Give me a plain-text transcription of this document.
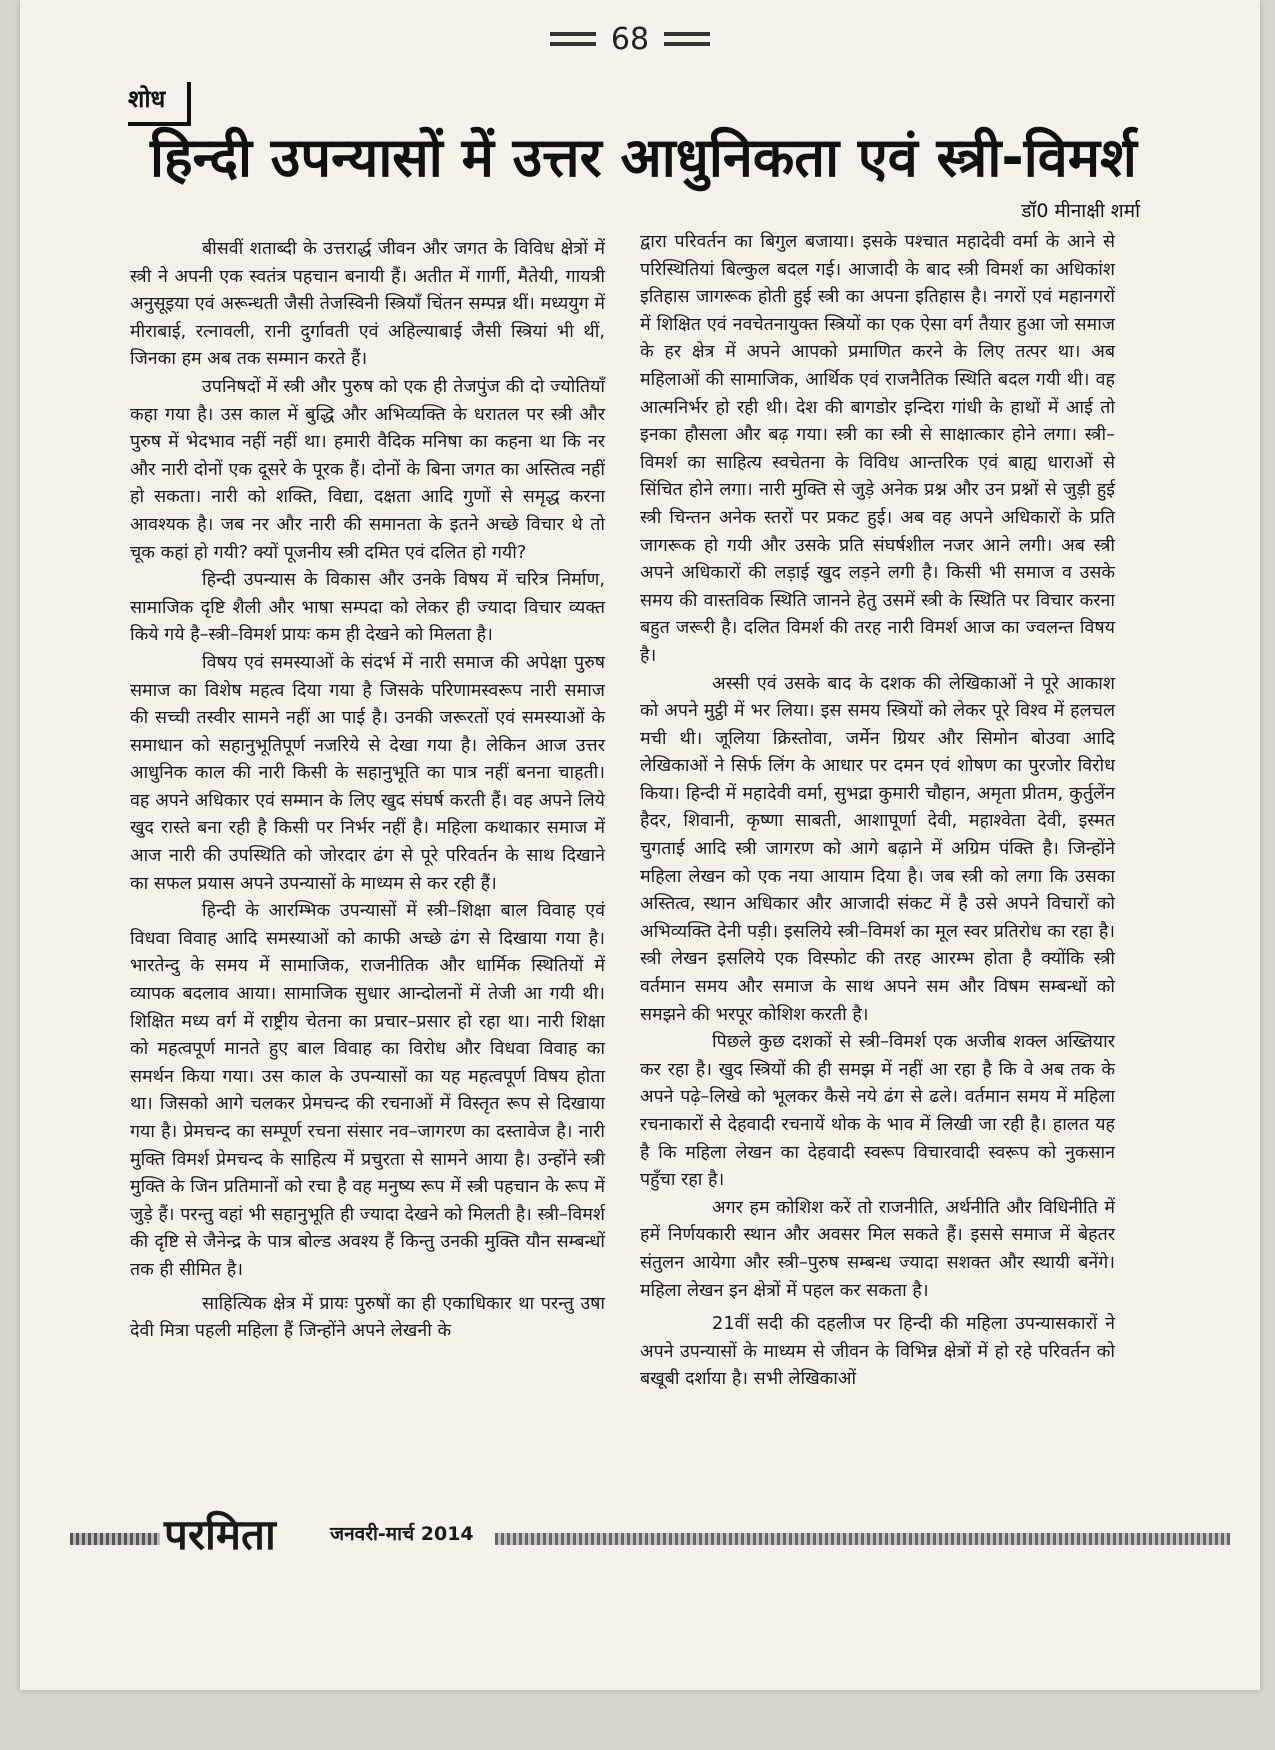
68
शोध
हिन्दी उपन्यासों में उत्तर आधुनिकता एवं स्त्री-विमर्श
डॉ0 मीनाक्षी शर्मा

बीसवीं शताब्दी के उत्तरार्द्ध जीवन और जगत के विविध क्षेत्रों में स्त्री ने अपनी एक स्वतंत्र पहचान बनायी हैं। अतीत में गार्गी, मैतेयी, गायत्री अनुसूइया एवं अरून्धती जैसी तेजस्विनी स्त्रियाँ चिंतन सम्पन्न थीं। मध्ययुग में मीराबाई, रत्नावली, रानी दुर्गावती एवं अहिल्याबाई जैसी स्त्रियां भी थीं, जिनका हम अब तक सम्मान करते हैं।

उपनिषदों में स्त्री और पुरुष को एक ही तेजपुंज की दो ज्योतियाँ कहा गया है। उस काल में बुद्धि और अभिव्यक्ति के धरातल पर स्त्री और पुरुष में भेदभाव नहीं नहीं था। हमारी वैदिक मनिषा का कहना था कि नर और नारी दोनों एक दूसरे के पूरक हैं। दोनों के बिना जगत का अस्तित्व नहीं हो सकता। नारी को शक्ति, विद्या, दक्षता आदि गुणों से समृद्ध करना आवश्यक है। जब नर और नारी की समानता के इतने अच्छे विचार थे तो चूक कहां हो गयी? क्यों पूजनीय स्त्री दमित एवं दलित हो गयी?

हिन्दी उपन्यास के विकास और उनके विषय में चरित्र निर्माण, सामाजिक दृष्टि शैली और भाषा सम्पदा को लेकर ही ज्यादा विचार व्यक्त किये गये है–स्त्री–विमर्श प्रायः कम ही देखने को मिलता है।

विषय एवं समस्याओं के संदर्भ में नारी समाज की अपेक्षा पुरुष समाज का विशेष महत्व दिया गया है जिसके परिणामस्वरूप नारी समाज की सच्ची तस्वीर सामने नहीं आ पाई है। उनकी जरूरतों एवं समस्याओं के समाधान को सहानुभूतिपूर्ण नजरिये से देखा गया है। लेकिन आज उत्तर आधुनिक काल की नारी किसी के सहानुभूति का पात्र नहीं बनना चाहती। वह अपने अधिकार एवं सम्मान के लिए खुद संघर्ष करती हैं। वह अपने लिये खुद रास्ते बना रही है किसी पर निर्भर नहीं है। महिला कथाकार समाज में आज नारी की उपस्थिति को जोरदार ढंग से पूरे परिवर्तन के साथ दिखाने का सफल प्रयास अपने उपन्यासों के माध्यम से कर रही हैं।

हिन्दी के आरम्भिक उपन्यासों में स्त्री–शिक्षा बाल विवाह एवं विधवा विवाह आदि समस्याओं को काफी अच्छे ढंग से दिखाया गया है। भारतेन्दु के समय में सामाजिक, राजनीतिक और धार्मिक स्थितियों में व्यापक बदलाव आया। सामाजिक सुधार आन्दोलनों में तेजी आ गयी थी। शिक्षित मध्य वर्ग में राष्ट्रीय चेतना का प्रचार–प्रसार हो रहा था। नारी शिक्षा को महत्वपूर्ण मानते हुए बाल विवाह का विरोध और विधवा विवाह का समर्थन किया गया। उस काल के उपन्यासों का यह महत्वपूर्ण विषय होता था। जिसको आगे चलकर प्रेमचन्द की रचनाओं में विस्तृत रूप से दिखाया गया है। प्रेमचन्द का सम्पूर्ण रचना संसार नव–जागरण का दस्तावेज है। नारी मुक्ति विमर्श प्रेमचन्द के साहित्य में प्रचुरता से सामने आया है। उन्होंने स्त्री मुक्ति के जिन प्रतिमानों को रचा है वह मनुष्य रूप में स्त्री पहचान के रूप में जुड़े हैं। परन्तु वहां भी सहानुभूति ही ज्यादा देखने को मिलती है। स्त्री–विमर्श की दृष्टि से जैनेन्द्र के पात्र बोल्ड अवश्य हैं किन्तु उनकी मुक्ति यौन सम्बन्धों तक ही सीमित है।

साहित्यिक क्षेत्र में प्रायः पुरुषों का ही एकाधिकार था परन्तु उषा देवी मित्रा पहली महिला हैं जिन्होंने अपने लेखनी के

द्वारा परिवर्तन का बिगुल बजाया। इसके पश्चात महादेवी वर्मा के आने से परिस्थितियां बिल्कुल बदल गई। आजादी के बाद स्त्री विमर्श का अधिकांश इतिहास जागरूक होती हुई स्त्री का अपना इतिहास है। नगरों एवं महानगरों में शिक्षित एवं नवचेतनायुक्त स्त्रियों का एक ऐसा वर्ग तैयार हुआ जो समाज के हर क्षेत्र में अपने आपको प्रमाणित करने के लिए तत्पर था। अब महिलाओं की सामाजिक, आर्थिक एवं राजनैतिक स्थिति बदल गयी थी। वह आत्मनिर्भर हो रही थी। देश की बागडोर इन्दिरा गांधी के हाथों में आई तो इनका हौसला और बढ़ गया। स्त्री का स्त्री से साक्षात्कार होने लगा। स्त्री–विमर्श का साहित्य स्वचेतना के विविध आन्तरिक एवं बाह्य धाराओं से सिंचित होने लगा। नारी मुक्ति से जुड़े अनेक प्रश्न और उन प्रश्नों से जुड़ी हुई स्त्री चिन्तन अनेक स्तरों पर प्रकट हुई। अब वह अपने अधिकारों के प्रति जागरूक हो गयी और उसके प्रति संघर्षशील नजर आने लगी। अब स्त्री अपने अधिकारों की लड़ाई खुद लड़ने लगी है। किसी भी समाज व उसके समय की वास्तविक स्थिति जानने हेतु उसमें स्त्री के स्थिति पर विचार करना बहुत जरूरी है। दलित विमर्श की तरह नारी विमर्श आज का ज्वलन्त विषय है।

अस्सी एवं उसके बाद के दशक की लेखिकाओं ने पूरे आकाश को अपने मुट्ठी में भर लिया। इस समय स्त्रियों को लेकर पूरे विश्व में हलचल मची थी। जूलिया क्रिस्तोवा, जर्मेन ग्रियर और सिमोन बोउवा आदि लेखिकाओं ने सिर्फ लिंग के आधार पर दमन एवं शोषण का पुरजोर विरोध किया। हिन्दी में महादेवी वर्मा, सुभद्रा कुमारी चौहान, अमृता प्रीतम, कुर्तुलेंन हैदर, शिवानी, कृष्णा साबती, आशापूर्णा देवी, महाश्वेता देवी, इस्मत चुगताई आदि स्त्री जागरण को आगे बढ़ाने में अग्रिम पंक्ति है। जिन्होंने महिला लेखन को एक नया आयाम दिया है। जब स्त्री को लगा कि उसका अस्तित्व, स्थान अधिकार और आजादी संकट में है उसे अपने विचारों को अभिव्यक्ति देनी पड़ी। इसलिये स्त्री–विमर्श का मूल स्वर प्रतिरोध का रहा है। स्त्री लेखन इसलिये एक विस्फोट की तरह आरम्भ होता है क्योंकि स्त्री वर्तमान समय और समाज के साथ अपने सम और विषम सम्बन्धों को समझने की भरपूर कोशिश करती है।

पिछले कुछ दशकों से स्त्री–विमर्श एक अजीब शक्ल अख्तियार कर रहा है। खुद स्त्रियों की ही समझ में नहीं आ रहा है कि वे अब तक के अपने पढ़े–लिखे को भूलकर कैसे नये ढंग से ढले। वर्तमान समय में महिला रचनाकारों से देहवादी रचनायें थोक के भाव में लिखी जा रही है। हालत यह है कि महिला लेखन का देहवादी स्वरूप विचारवादी स्वरूप को नुकसान पहुँचा रहा है।

अगर हम कोशिश करें तो राजनीति, अर्थनीति और विधिनीति में हमें निर्णयकारी स्थान और अवसर मिल सकते हैं। इससे समाज में बेहतर संतुलन आयेगा और स्त्री–पुरुष सम्बन्ध ज्यादा सशक्त और स्थायी बनेंगे। महिला लेखन इन क्षेत्रों में पहल कर सकता है।

21वीं सदी की दहलीज पर हिन्दी की महिला उपन्यासकारों ने अपने उपन्यासों के माध्यम से जीवन के विभिन्न क्षेत्रों में हो रहे परिवर्तन को बखूबी दर्शाया है। सभी लेखिकाओं

परमिता	जनवरी-मार्च 2014
